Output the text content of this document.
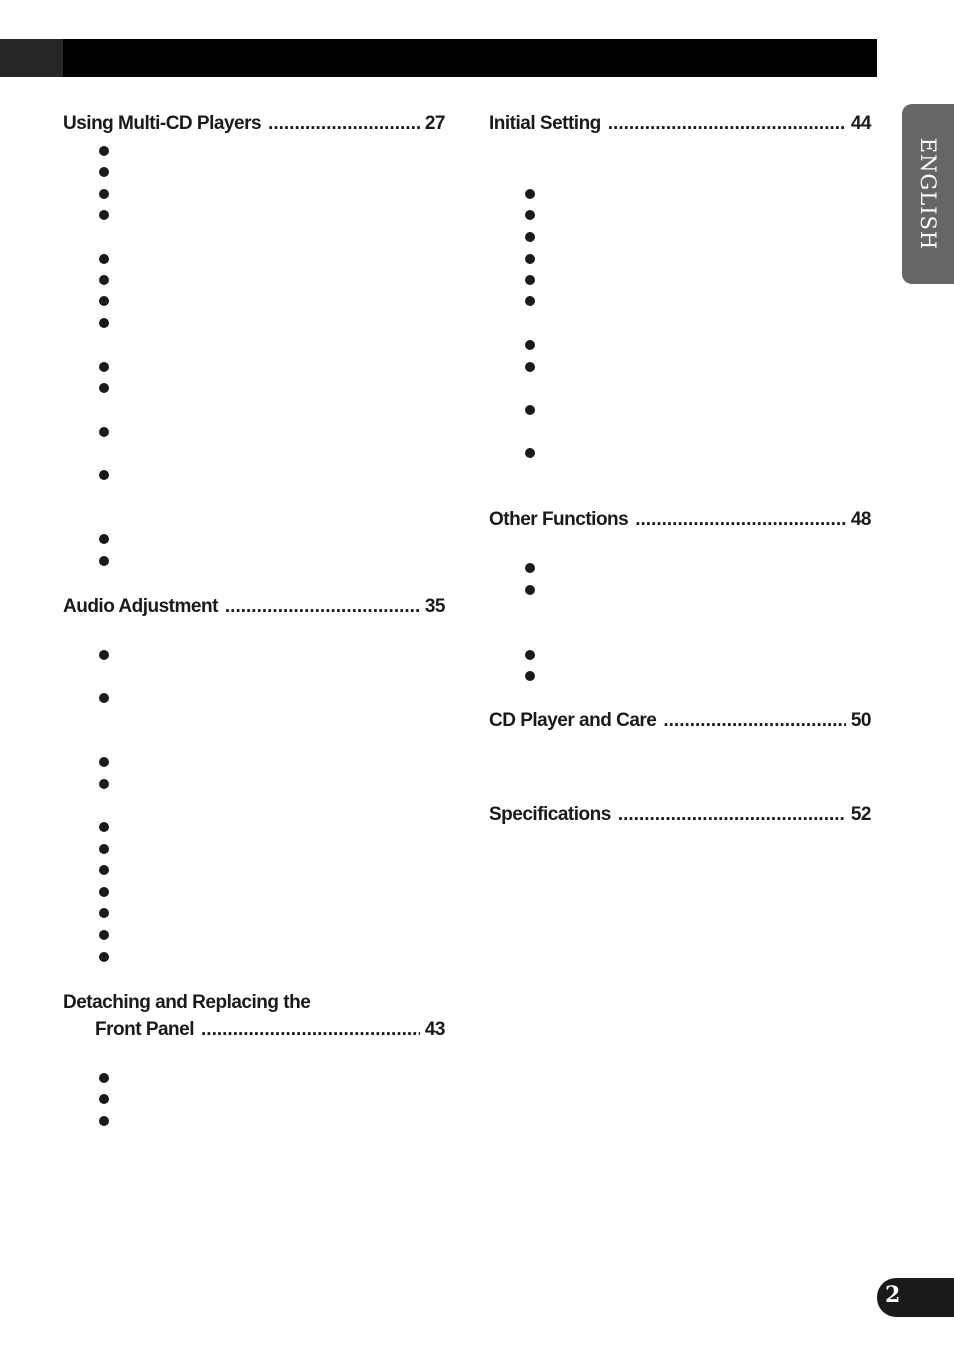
ENGLISH
Using Multi-CD Players .....	27
Audio Adjustment .....	35
Detaching and Replacing the
Front Panel .....	43
Initial Setting .....	44
Other Functions .....	48
CD Player and Care .....	50
Specifications .....	52
2
